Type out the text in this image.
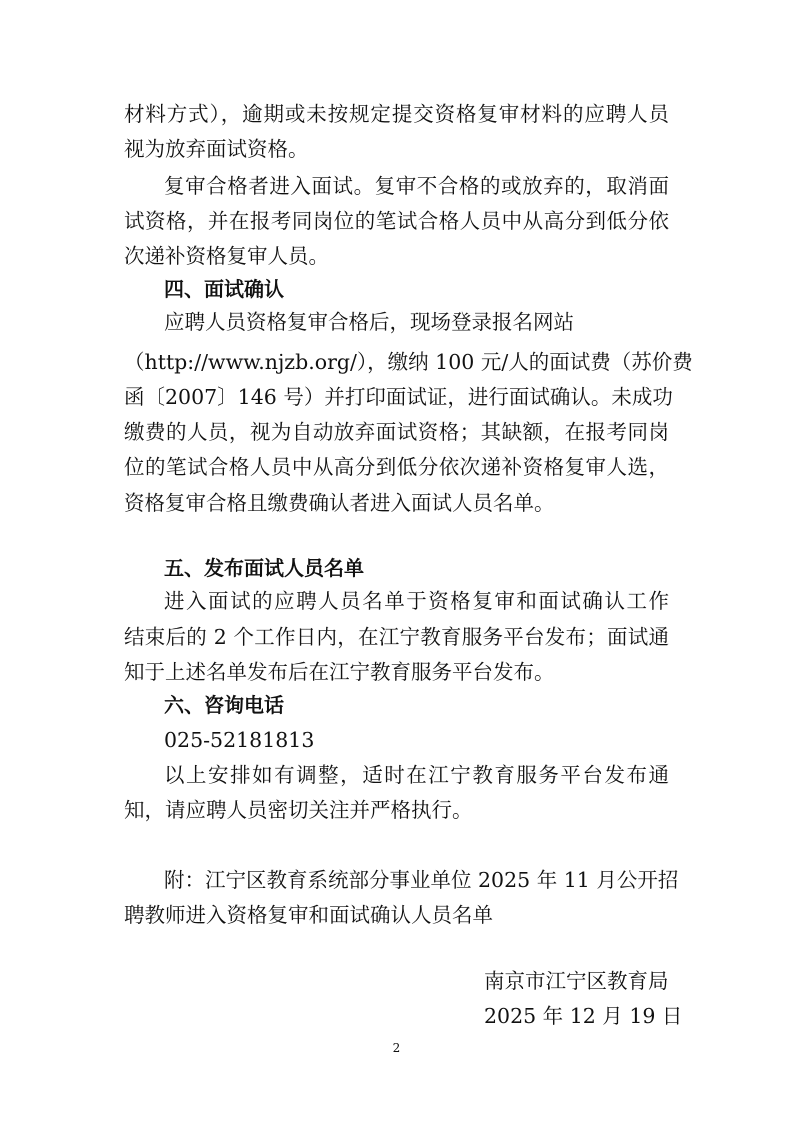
材料方式），逾期或未按规定提交资格复审材料的应聘人员
视为放弃面试资格。
复审合格者进入面试。复审不合格的或放弃的，取消面
试资格，并在报考同岗位的笔试合格人员中从高分到低分依
次递补资格复审人员。
四、面试确认
应聘人员资格复审合格后，现场登录报名网站
（http://www.njzb.org/），缴纳 100 元/人的面试费（苏价费
函〔2007〕146 号）并打印面试证，进行面试确认。未成功
缴费的人员，视为自动放弃面试资格；其缺额，在报考同岗
位的笔试合格人员中从高分到低分依次递补资格复审人选，
资格复审合格且缴费确认者进入面试人员名单。
五、发布面试人员名单
进入面试的应聘人员名单于资格复审和面试确认工作
结束后的 2 个工作日内，在江宁教育服务平台发布；面试通
知于上述名单发布后在江宁教育服务平台发布。
六、咨询电话
025-52181813
以上安排如有调整，适时在江宁教育服务平台发布通
知，请应聘人员密切关注并严格执行。
附：江宁区教育系统部分事业单位 2025 年 11 月公开招
聘教师进入资格复审和面试确认人员名单
南京市江宁区教育局
2025 年 12 月 19 日
2
